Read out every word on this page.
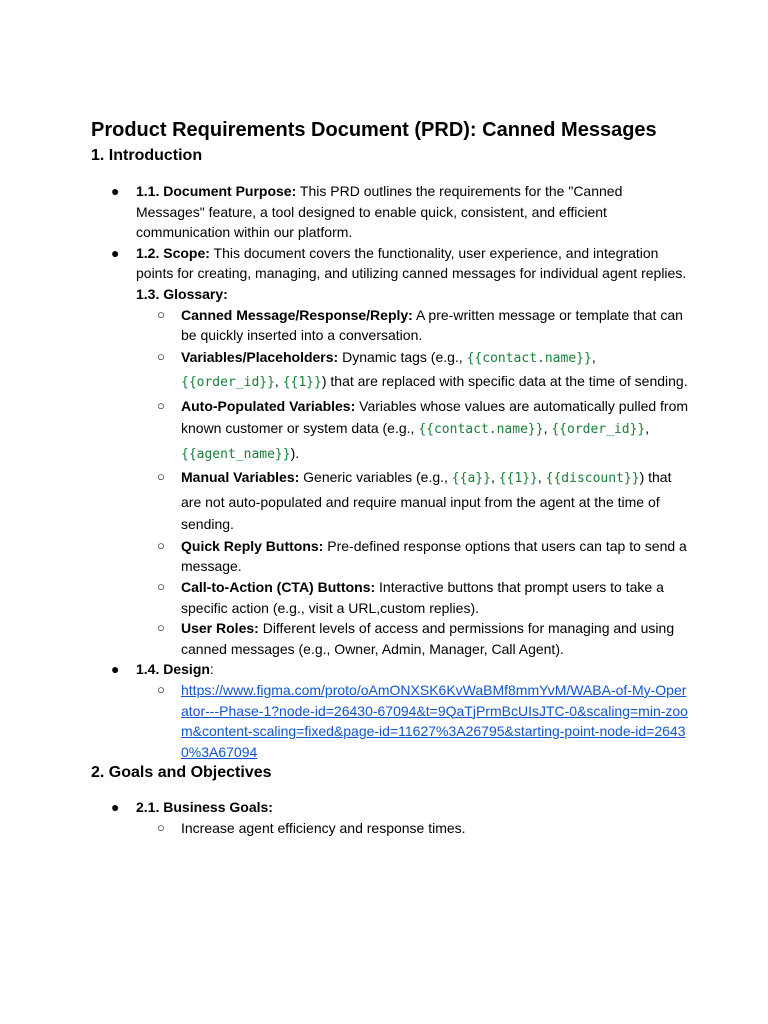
Product Requirements Document (PRD): Canned Messages
1. Introduction
● 1.1. Document Purpose: This PRD outlines the requirements for the "Canned Messages" feature, a tool designed to enable quick, consistent, and efficient communication within our platform.
● 1.2. Scope: This document covers the functionality, user experience, and integration points for creating, managing, and utilizing canned messages for individual agent replies. 1.3. Glossary:
○ Canned Message/Response/Reply: A pre-written message or template that can be quickly inserted into a conversation.
○ Variables/Placeholders: Dynamic tags (e.g., {{contact.name}}, {{order_id}}, {{1}}) that are replaced with specific data at the time of sending.
○ Auto-Populated Variables: Variables whose values are automatically pulled from known customer or system data (e.g., {{contact.name}}, {{order_id}}, {{agent_name}}).
○ Manual Variables: Generic variables (e.g., {{a}}, {{1}}, {{discount}}) that are not auto-populated and require manual input from the agent at the time of sending.
○ Quick Reply Buttons: Pre-defined response options that users can tap to send a message.
○ Call-to-Action (CTA) Buttons: Interactive buttons that prompt users to take a specific action (e.g., visit a URL,custom replies).
○ User Roles: Different levels of access and permissions for managing and using canned messages (e.g., Owner, Admin, Manager, Call Agent).
● 1.4. Design:
○ https://www.figma.com/proto/oAmONXSK6KvWaBMf8mmYvM/WABA-of-My-Operator---Phase-1?node-id=26430-67094&t=9QaTjPrmBcUIsJTC-0&scaling=min-zoom&content-scaling=fixed&page-id=11627%3A26795&starting-point-node-id=26430%3A67094
2. Goals and Objectives
● 2.1. Business Goals:
○ Increase agent efficiency and response times.
